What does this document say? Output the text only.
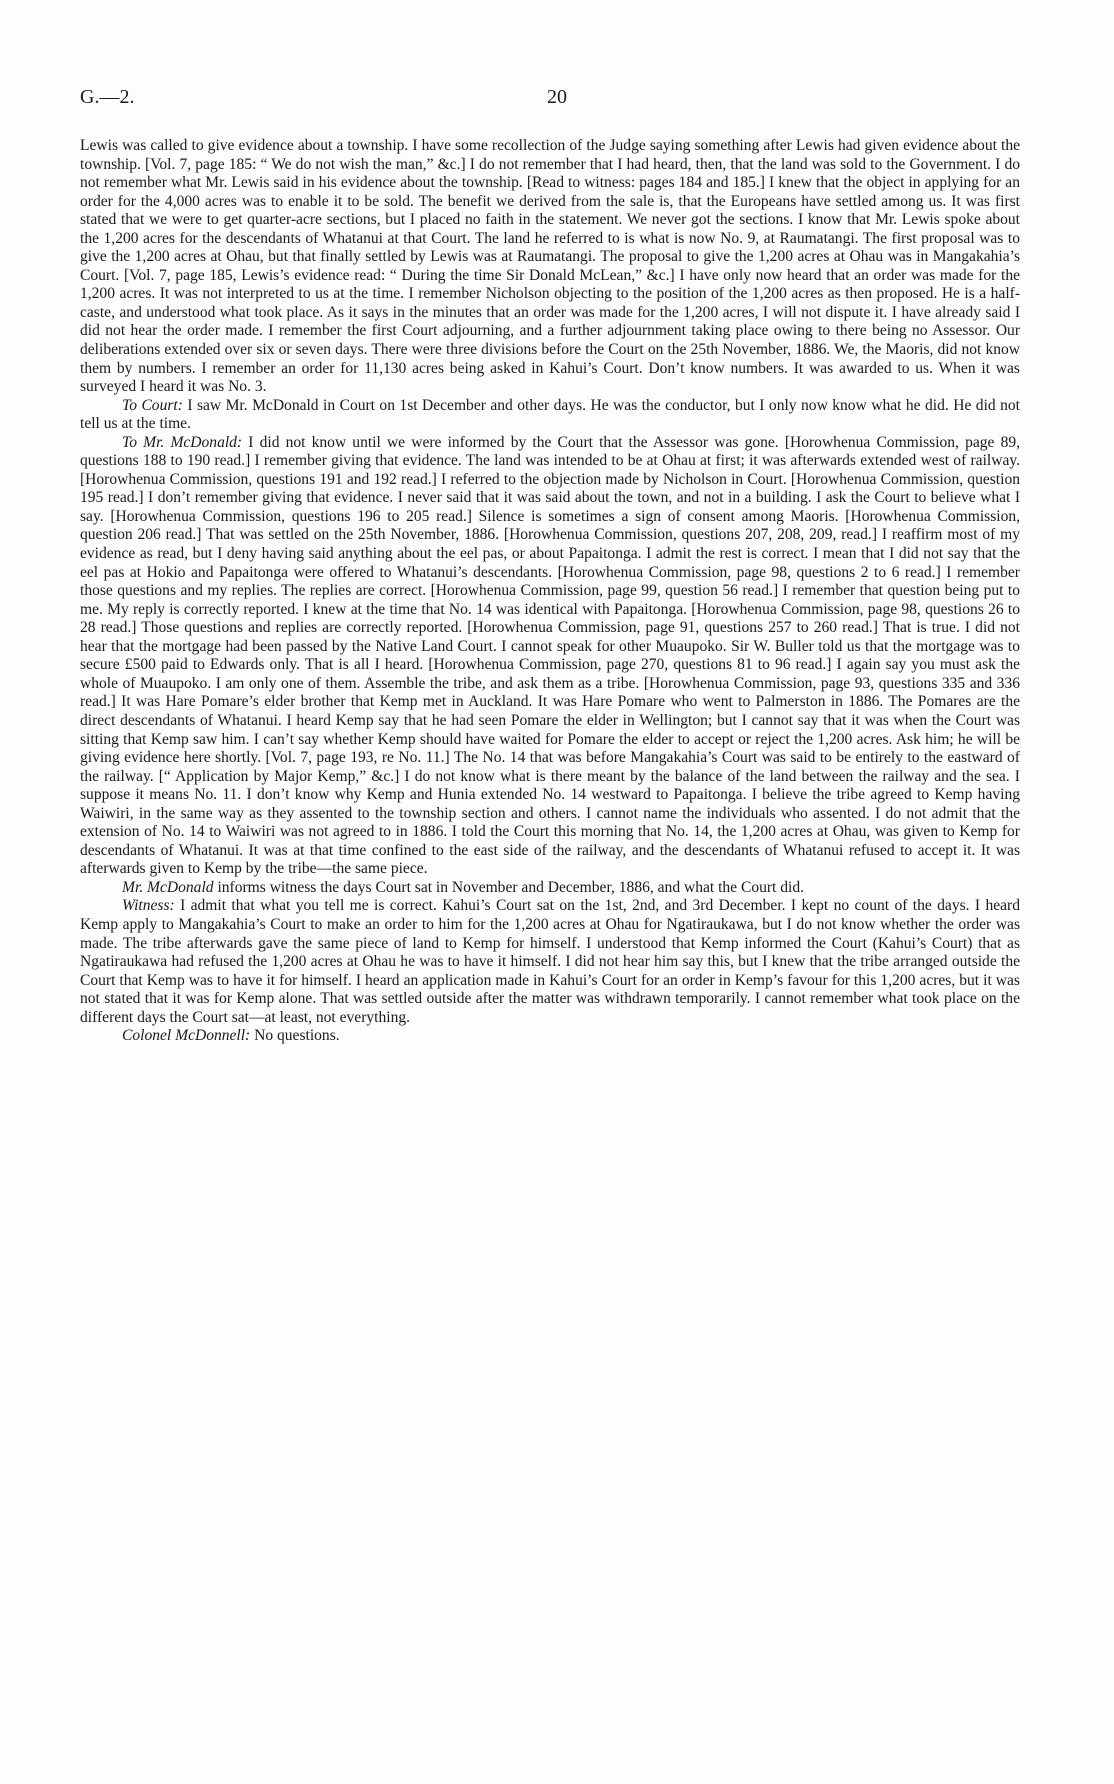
G.—2.	20

Lewis was called to give evidence about a township. I have some recollection of the Judge saying something after Lewis had given evidence about the township. [Vol. 7, page 185: “ We do not wish the man,” &c.] I do not remember that I had heard, then, that the land was sold to the Government. I do not remember what Mr. Lewis said in his evidence about the township. [Read to witness: pages 184 and 185.] I knew that the object in applying for an order for the 4,000 acres was to enable it to be sold. The benefit we derived from the sale is, that the Europeans have settled among us. It was first stated that we were to get quarter-acre sections, but I placed no faith in the statement. We never got the sections. I know that Mr. Lewis spoke about the 1,200 acres for the descendants of Whatanui at that Court. The land he referred to is what is now No. 9, at Raumatangi. The first proposal was to give the 1,200 acres at Ohau, but that finally settled by Lewis was at Raumatangi. The proposal to give the 1,200 acres at Ohau was in Mangakahia’s Court. [Vol. 7, page 185, Lewis’s evidence read: “ During the time Sir Donald McLean,” &c.] I have only now heard that an order was made for the 1,200 acres. It was not interpreted to us at the time. I remember Nicholson objecting to the position of the 1,200 acres as then proposed. He is a half-caste, and understood what took place. As it says in the minutes that an order was made for the 1,200 acres, I will not dispute it. I have already said I did not hear the order made. I remember the first Court adjourning, and a further adjournment taking place owing to there being no Assessor. Our deliberations extended over six or seven days. There were three divisions before the Court on the 25th November, 1886. We, the Maoris, did not know them by numbers. I remember an order for 11,130 acres being asked in Kahui’s Court. Don’t know numbers. It was awarded to us. When it was surveyed I heard it was No. 3.

To Court: I saw Mr. McDonald in Court on 1st December and other days. He was the conductor, but I only now know what he did. He did not tell us at the time.

To Mr. McDonald: I did not know until we were informed by the Court that the Assessor was gone. [Horowhenua Commission, page 89, questions 188 to 190 read.] I remember giving that evidence. The land was intended to be at Ohau at first; it was afterwards extended west of railway. [Horowhenua Commission, questions 191 and 192 read.] I referred to the objection made by Nicholson in Court. [Horowhenua Commission, question 195 read.] I don’t remember giving that evidence. I never said that it was said about the town, and not in a building. I ask the Court to believe what I say. [Horowhenua Commission, questions 196 to 205 read.] Silence is sometimes a sign of consent among Maoris. [Horowhenua Commission, question 206 read.] That was settled on the 25th November, 1886. [Horowhenua Commission, questions 207, 208, 209, read.] I reaffirm most of my evidence as read, but I deny having said anything about the eel pas, or about Papaitonga. I admit the rest is correct. I mean that I did not say that the eel pas at Hokio and Papaitonga were offered to Whatanui’s descendants. [Horowhenua Commission, page 98, questions 2 to 6 read.] I remember those questions and my replies. The replies are correct. [Horowhenua Commission, page 99, question 56 read.] I remember that question being put to me. My reply is correctly reported. I knew at the time that No. 14 was identical with Papaitonga. [Horowhenua Commission, page 98, questions 26 to 28 read.] Those questions and replies are correctly reported. [Horowhenua Commission, page 91, questions 257 to 260 read.] That is true. I did not hear that the mortgage had been passed by the Native Land Court. I cannot speak for other Muaupoko. Sir W. Buller told us that the mortgage was to secure £500 paid to Edwards only. That is all I heard. [Horowhenua Commission, page 270, questions 81 to 96 read.] I again say you must ask the whole of Muaupoko. I am only one of them. Assemble the tribe, and ask them as a tribe. [Horowhenua Commission, page 93, questions 335 and 336 read.] It was Hare Pomare’s elder brother that Kemp met in Auckland. It was Hare Pomare who went to Palmerston in 1886. The Pomares are the direct descendants of Whatanui. I heard Kemp say that he had seen Pomare the elder in Wellington; but I cannot say that it was when the Court was sitting that Kemp saw him. I can’t say whether Kemp should have waited for Pomare the elder to accept or reject the 1,200 acres. Ask him; he will be giving evidence here shortly. [Vol. 7, page 193, re No. 11.] The No. 14 that was before Mangakahia’s Court was said to be entirely to the eastward of the railway. [“ Application by Major Kemp,” &c.] I do not know what is there meant by the balance of the land between the railway and the sea. I suppose it means No. 11. I don’t know why Kemp and Hunia extended No. 14 westward to Papaitonga. I believe the tribe agreed to Kemp having Waiwiri, in the same way as they assented to the township section and others. I cannot name the individuals who assented. I do not admit that the extension of No. 14 to Waiwiri was not agreed to in 1886. I told the Court this morning that No. 14, the 1,200 acres at Ohau, was given to Kemp for descendants of Whatanui. It was at that time confined to the east side of the railway, and the descendants of Whatanui refused to accept it. It was afterwards given to Kemp by the tribe—the same piece.

Mr. McDonald informs witness the days Court sat in November and December, 1886, and what the Court did.

Witness: I admit that what you tell me is correct. Kahui’s Court sat on the 1st, 2nd, and 3rd December. I kept no count of the days. I heard Kemp apply to Mangakahia’s Court to make an order to him for the 1,200 acres at Ohau for Ngatiraukawa, but I do not know whether the order was made. The tribe afterwards gave the same piece of land to Kemp for himself. I understood that Kemp informed the Court (Kahui’s Court) that as Ngatiraukawa had refused the 1,200 acres at Ohau he was to have it himself. I did not hear him say this, but I knew that the tribe arranged outside the Court that Kemp was to have it for himself. I heard an application made in Kahui’s Court for an order in Kemp’s favour for this 1,200 acres, but it was not stated that it was for Kemp alone. That was settled outside after the matter was withdrawn temporarily. I cannot remember what took place on the different days the Court sat—at least, not everything.

Colonel McDonnell: No questions.
